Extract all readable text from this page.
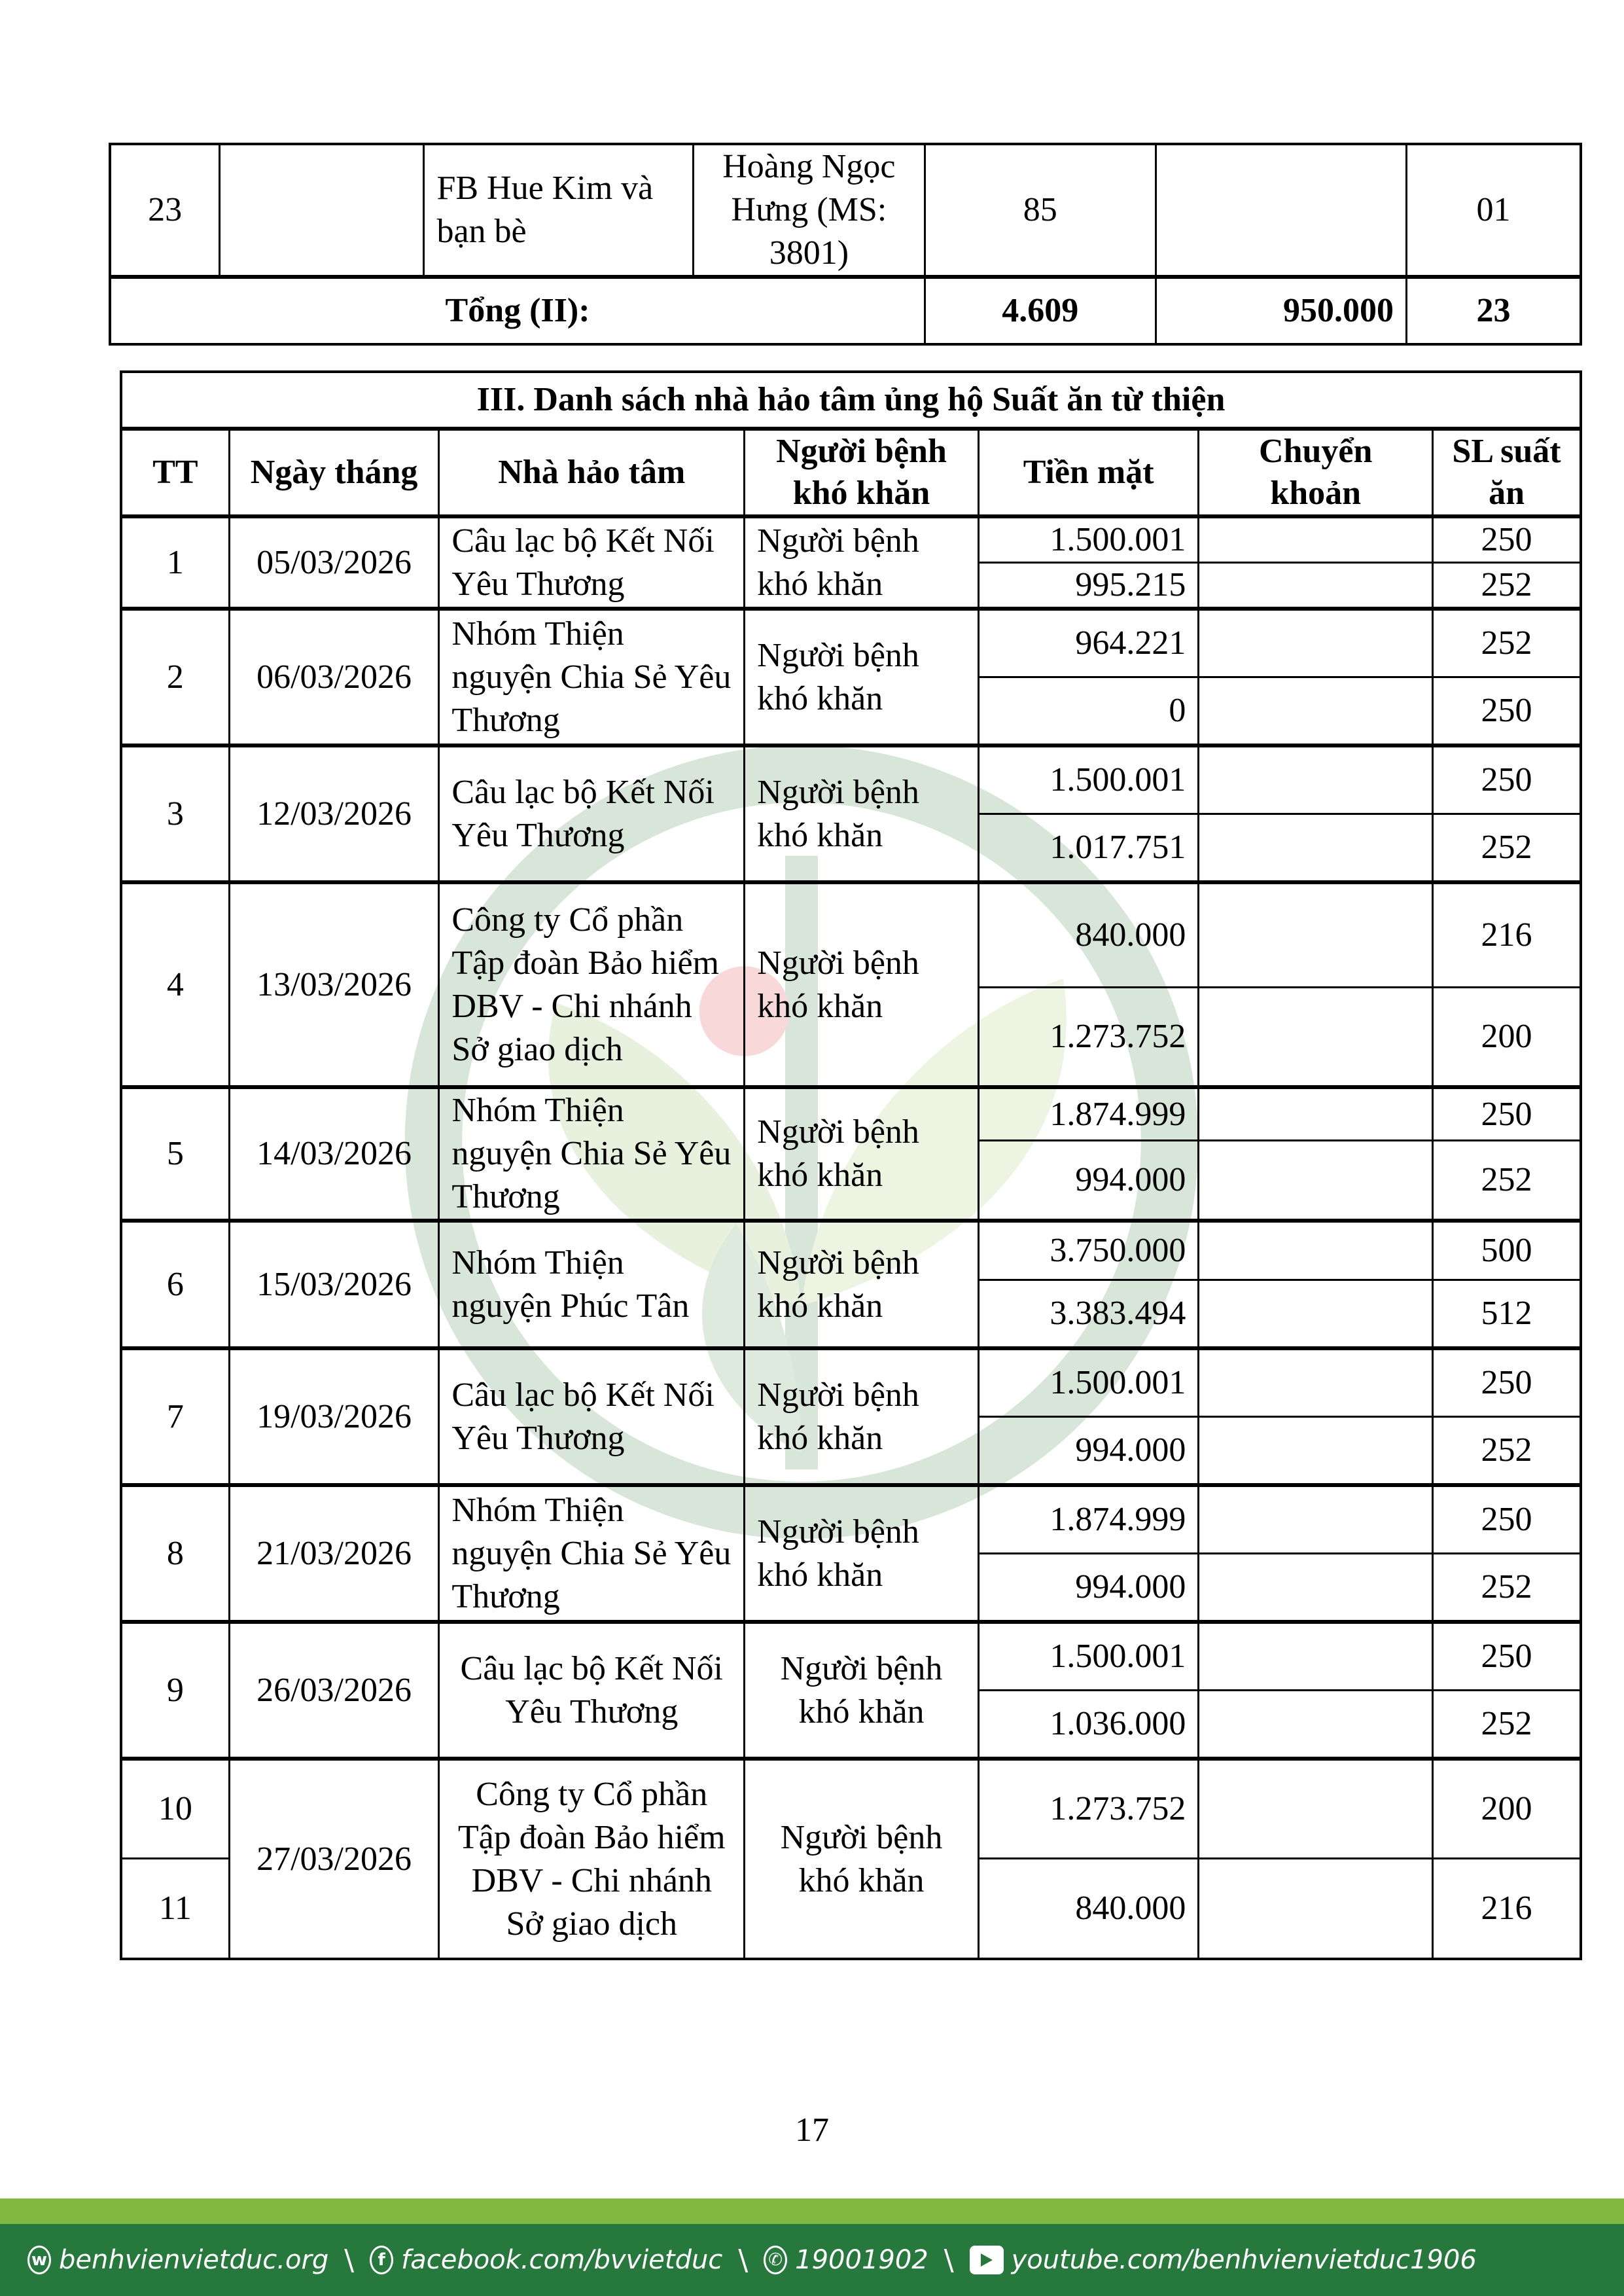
23		FB Hue Kim và bạn bè	Hoàng Ngọc Hưng (MS: 3801)	85		01
Tổng (II):				4.609	950.000	23
III. Danh sách nhà hảo tâm ủng hộ Suất ăn từ thiện						
TT	Ngày tháng	Nhà hảo tâm	Người bệnh khó khăn	Tiền mặt	Chuyển khoản	SL suất ăn
1	05/03/2026	Câu lạc bộ Kết Nối Yêu Thương	Người bệnh khó khăn	1.500.001		250
				995.215		252
2	06/03/2026	Nhóm Thiện nguyện Chia Sẻ Yêu Thương	Người bệnh khó khăn	964.221		252
				0		250
3	12/03/2026	Câu lạc bộ Kết Nối Yêu Thương	Người bệnh khó khăn	1.500.001		250
				1.017.751		252
4	13/03/2026	Công ty Cổ phần Tập đoàn Bảo hiểm DBV - Chi nhánh Sở giao dịch	Người bệnh khó khăn	840.000		216
				1.273.752		200
5	14/03/2026	Nhóm Thiện nguyện Chia Sẻ Yêu Thương	Người bệnh khó khăn	1.874.999		250
				994.000		252
6	15/03/2026	Nhóm Thiện nguyện Phúc Tân	Người bệnh khó khăn	3.750.000		500
				3.383.494		512
7	19/03/2026	Câu lạc bộ Kết Nối Yêu Thương	Người bệnh khó khăn	1.500.001		250
				994.000		252
8	21/03/2026	Nhóm Thiện nguyện Chia Sẻ Yêu Thương	Người bệnh khó khăn	1.874.999		250
				994.000		252
9	26/03/2026	Câu lạc bộ Kết Nối Yêu Thương	Người bệnh khó khăn	1.500.001		250
				1.036.000		252
10	27/03/2026	Công ty Cổ phần Tập đoàn Bảo hiểm DBV - Chi nhánh Sở giao dịch	Người bệnh khó khăn	1.273.752		200
11				840.000		216
17
w benhvienvietduc.org \	f facebook.com/bvvietduc \ ✆ 19001902 \ youtube.com/benhvienvietduc1906
